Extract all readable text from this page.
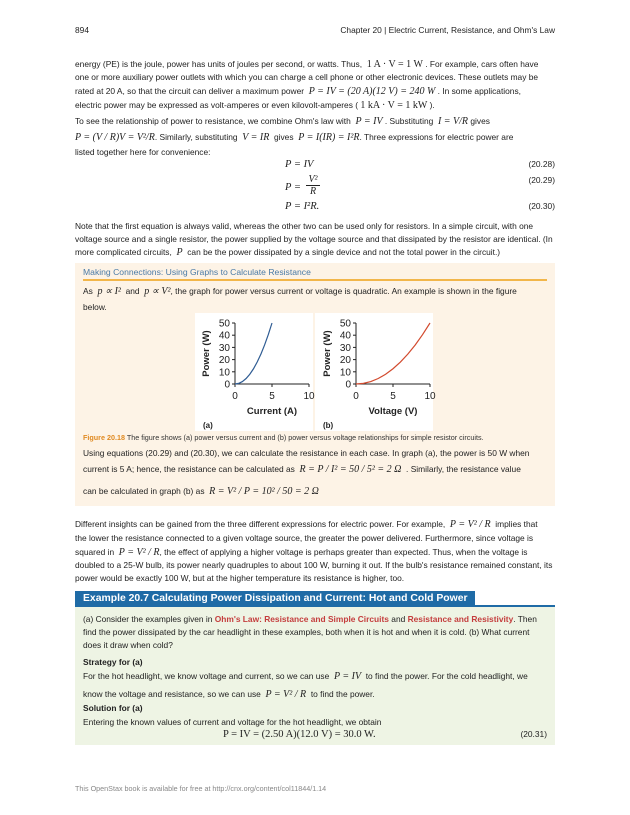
894	Chapter 20 | Electric Current, Resistance, and Ohm's Law

energy (PE) is the joule, power has units of joules per second, or watts. Thus, 1 A · V = 1 W . For example, cars often have

one or more auxiliary power outlets with which you can charge a cell phone or other electronic devices. These outlets may be

rated at 20 A, so that the circuit can deliver a maximum power P = IV = (20 A)(12 V) = 240 W . In some applications,

electric power may be expressed as volt-amperes or even kilovolt-amperes ( 1 kA · V = 1 kW ).

To see the relationship of power to resistance, we combine Ohm's law with P = IV . Substituting I = V/R gives

P = (V / R)V = V²/R. Similarly, substituting V = IR gives P = I(IR) = I²R. Three expressions for electric power are

listed together here for convenience:

P = IV	(20.28)
$P = \frac{\text{V²}}{R}$	(20.29)
P = I²R.	(20.30)

Note that the first equation is always valid, whereas the other two can be used only for resistors. In a simple circuit, with one

voltage source and a single resistor, the power supplied by the voltage source and that dissipated by the resistor are identical. (In

more complicated circuits, P can be the power dissipated by a single device and not the total power in the circuit.)

Making Connections: Using Graphs to Calculate Resistance

As p ∝ I² and p ∝ V², the graph for power versus current or voltage is quadratic. An example is shown in the figure

below.

0
10
20
30
40
50
0	5	10
Current (A)
Power (W)
(a)
0
10
20
30
40
50
0	5	10
Voltage (V)
Power (W)
(b)
Figure 20.18 The figure shows (a) power versus current and (b) power versus voltage relationships for simple resistor circuits.

Using equations (20.29) and (20.30), we can calculate the resistance in each case. In graph (a), the power is 50 W when

current is 5 A; hence, the resistance can be calculated as R = P / I² = 50 / 5² = 2 Ω . Similarly, the resistance value

can be calculated in graph (b) as R = V² / P = 10² / 50 = 2 Ω

Different insights can be gained from the three different expressions for electric power. For example, P = V² / R implies that

the lower the resistance connected to a given voltage source, the greater the power delivered. Furthermore, since voltage is

squared in P = V² / R, the effect of applying a higher voltage is perhaps greater than expected. Thus, when the voltage is

doubled to a 25-W bulb, its power nearly quadruples to about 100 W, burning it out. If the bulb's resistance remained constant, its

power would be exactly 100 W, but at the higher temperature its resistance is higher, too.

Example 20.7 Calculating Power Dissipation and Current: Hot and Cold Power

(a) Consider the examples given in Ohm's Law: Resistance and Simple Circuits and Resistance and Resistivity. Then

find the power dissipated by the car headlight in these examples, both when it is hot and when it is cold. (b) What current

does it draw when cold?

Strategy for (a)

For the hot headlight, we know voltage and current, so we can use P = IV to find the power. For the cold headlight, we

know the voltage and resistance, so we can use P = V² / R to find the power.

Solution for (a)
Entering the known values of current and voltage for the hot headlight, we obtain
P = IV = (2.50 A)(12.0 V) = 30.0 W.	(20.31)
This OpenStax book is available for free at http://cnx.org/content/col11844/1.14
